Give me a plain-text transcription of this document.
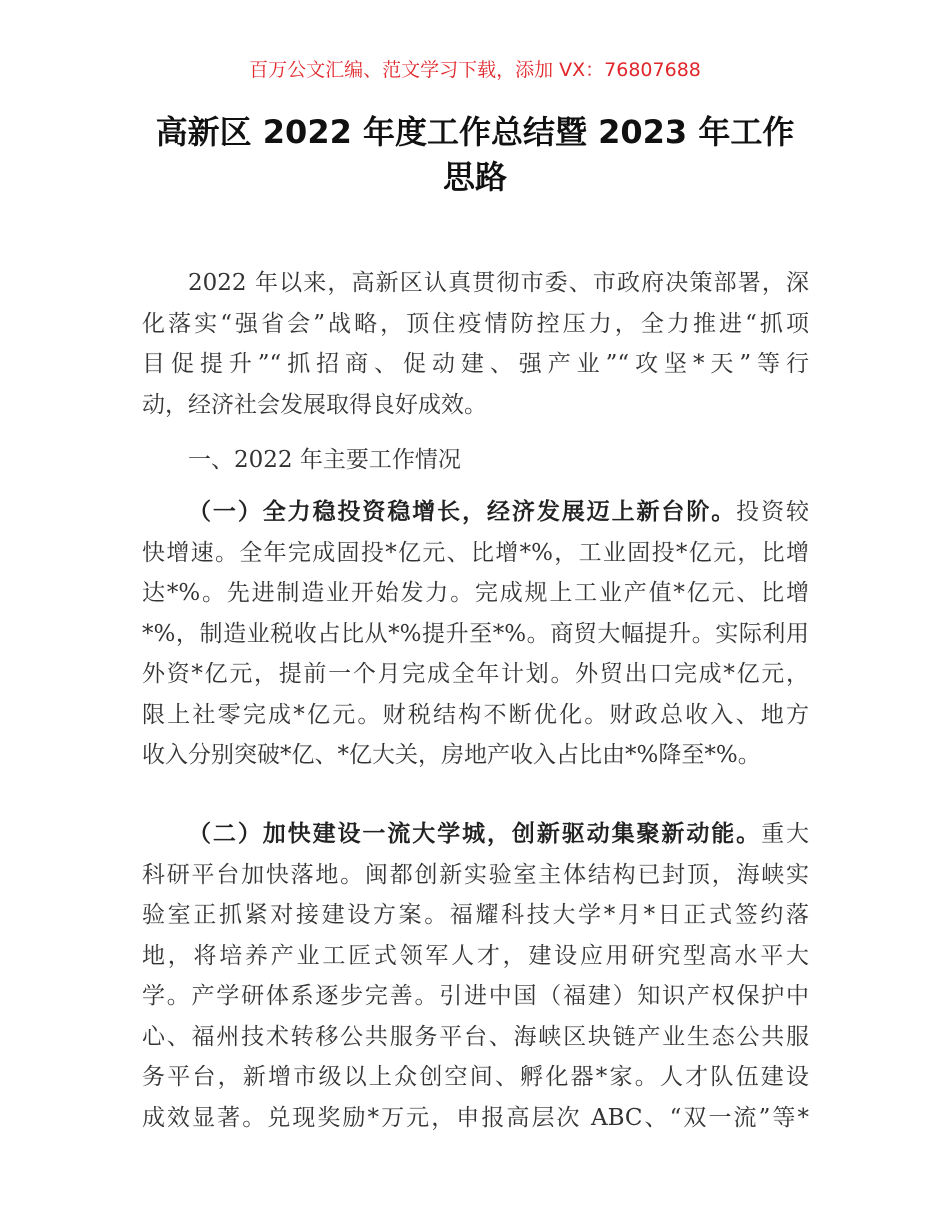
百万公文汇编、范文学习下载，添加 VX：76807688
高新区 2022 年度工作总结暨 2023 年工作
思路
2022 年以来，高新区认真贯彻市委、市政府决策部署，深
化落实“强省会”战略，顶住疫情防控压力，全力推进“抓项
目促提升”“抓招商、促动建、强产业”“攻坚*天”等行
动，经济社会发展取得良好成效。
一、2022 年主要工作情况
（一）全力稳投资稳增长，经济发展迈上新台阶。投资较
快增速。全年完成固投*亿元、比增*%，工业固投*亿元，比增
达*%。先进制造业开始发力。完成规上工业产值*亿元、比增
*%，制造业税收占比从*%提升至*%。商贸大幅提升。实际利用
外资*亿元，提前一个月完成全年计划。外贸出口完成*亿元，
限上社零完成*亿元。财税结构不断优化。财政总收入、地方
收入分别突破*亿、*亿大关，房地产收入占比由*%降至*%。
（二）加快建设一流大学城，创新驱动集聚新动能。重大
科研平台加快落地。闽都创新实验室主体结构已封顶，海峡实
验室正抓紧对接建设方案。福耀科技大学*月*日正式签约落
地，将培养产业工匠式领军人才，建设应用研究型高水平大
学。产学研体系逐步完善。引进中国（福建）知识产权保护中
心、福州技术转移公共服务平台、海峡区块链产业生态公共服
务平台，新增市级以上众创空间、孵化器*家。人才队伍建设
成效显著。兑现奖励*万元，申报高层次 ABC、“双一流”等*
